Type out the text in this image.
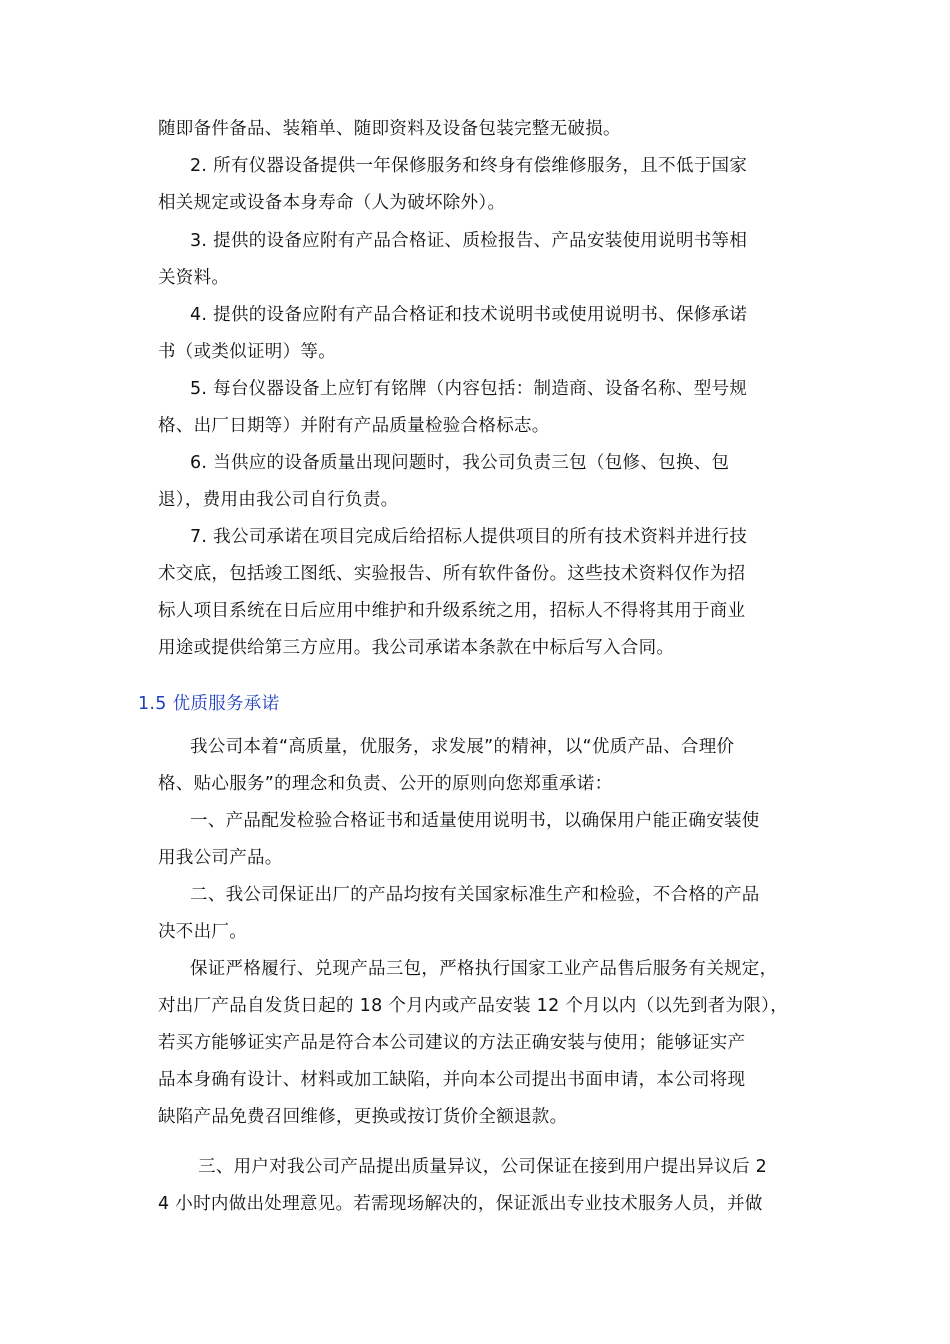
随即备件备品、装箱单、随即资料及设备包装完整无破损。
2. 所有仪器设备提供一年保修服务和终身有偿维修服务，且不低于国家
相关规定或设备本身寿命（人为破坏除外）。
3. 提供的设备应附有产品合格证、质检报告、产品安装使用说明书等相
关资料。
4. 提供的设备应附有产品合格证和技术说明书或使用说明书、保修承诺
书（或类似证明）等。
5. 每台仪器设备上应钉有铭牌（内容包括：制造商、设备名称、型号规
格、出厂日期等）并附有产品质量检验合格标志。
6. 当供应的设备质量出现问题时，我公司负责三包（包修、包换、包
退），费用由我公司自行负责。
7. 我公司承诺在项目完成后给招标人提供项目的所有技术资料并进行技
术交底，包括竣工图纸、实验报告、所有软件备份。这些技术资料仅作为招
标人项目系统在日后应用中维护和升级系统之用，招标人不得将其用于商业
用途或提供给第三方应用。我公司承诺本条款在中标后写入合同。
1.5 优质服务承诺
我公司本着“高质量，优服务，求发展”的精神，以“优质产品、合理价
格、贴心服务”的理念和负责、公开的原则向您郑重承诺：
一、产品配发检验合格证书和适量使用说明书，以确保用户能正确安装使
用我公司产品。
二、我公司保证出厂的产品均按有关国家标准生产和检验，不合格的产品
决不出厂。
保证严格履行、兑现产品三包，严格执行国家工业产品售后服务有关规定，
对出厂产品自发货日起的 18 个月内或产品安装 12 个月以内（以先到者为限），
若买方能够证实产品是符合本公司建议的方法正确安装与使用；能够证实产
品本身确有设计、材料或加工缺陷，并向本公司提出书面申请，本公司将现
缺陷产品免费召回维修，更换或按订货价全额退款。
三、用户对我公司产品提出质量异议，公司保证在接到用户提出异议后 2
4 小时内做出处理意见。若需现场解决的，保证派出专业技术服务人员，并做
